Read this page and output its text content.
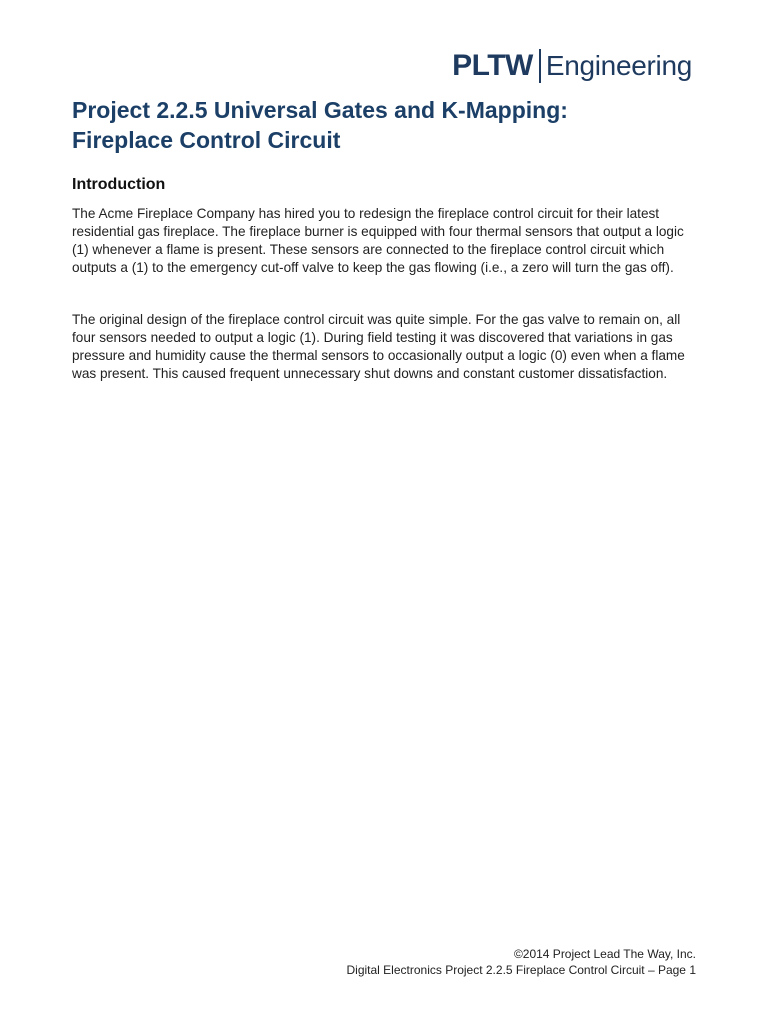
PLTW Engineering
Project 2.2.5 Universal Gates and K-Mapping:
Fireplace Control Circuit
Introduction

The Acme Fireplace Company has hired you to redesign the fireplace control circuit for their latest residential gas fireplace. The fireplace burner is equipped with four thermal sensors that output a logic (1) whenever a flame is present. These sensors are connected to the fireplace control circuit which outputs a (1) to the emergency cut-off valve to keep the gas flowing (i.e., a zero will turn the gas off).

The original design of the fireplace control circuit was quite simple. For the gas valve to remain on, all four sensors needed to output a logic (1). During field testing it was discovered that variations in gas pressure and humidity cause the thermal sensors to occasionally output a logic (0) even when a flame was present. This caused frequent unnecessary shut downs and constant customer dissatisfaction.

©2014 Project Lead The Way, Inc.
Digital Electronics Project 2.2.5 Fireplace Control Circuit – Page 1
